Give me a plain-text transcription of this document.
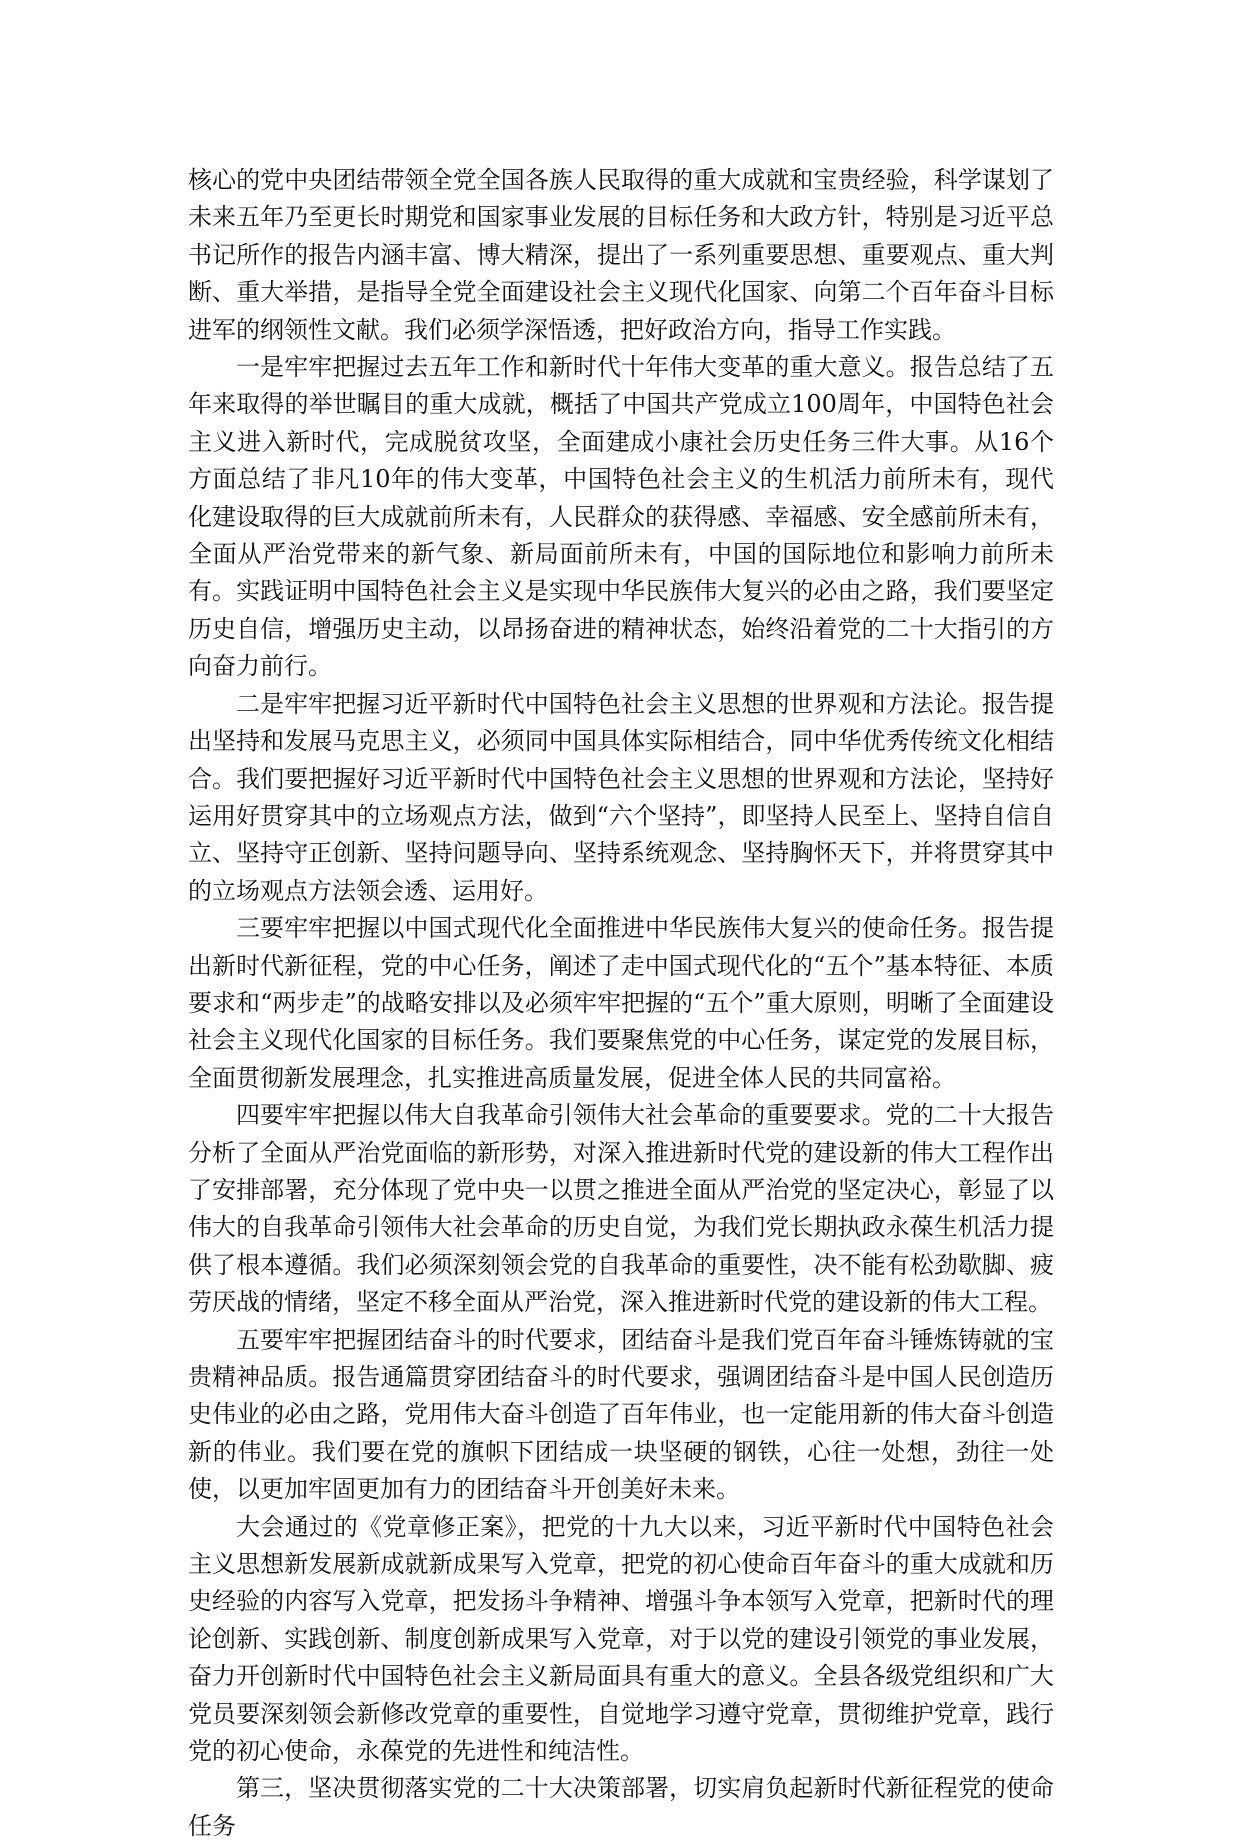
核心的党中央团结带领全党全国各族人民取得的重大成就和宝贵经验，科学谋划了未来五年乃至更长时期党和国家事业发展的目标任务和大政方针，特别是习近平总书记所作的报告内涵丰富、博大精深，提出了一系列重要思想、重要观点、重大判断、重大举措，是指导全党全面建设社会主义现代化国家、向第二个百年奋斗目标进军的纲领性文献。我们必须学深悟透，把好政治方向，指导工作实践。

一是牢牢把握过去五年工作和新时代十年伟大变革的重大意义。报告总结了五年来取得的举世瞩目的重大成就，概括了中国共产党成立100周年，中国特色社会主义进入新时代，完成脱贫攻坚，全面建成小康社会历史任务三件大事。从16个方面总结了非凡10年的伟大变革，中国特色社会主义的生机活力前所未有，现代化建设取得的巨大成就前所未有，人民群众的获得感、幸福感、安全感前所未有，全面从严治党带来的新气象、新局面前所未有，中国的国际地位和影响力前所未有。实践证明中国特色社会主义是实现中华民族伟大复兴的必由之路，我们要坚定历史自信，增强历史主动，以昂扬奋进的精神状态，始终沿着党的二十大指引的方向奋力前行。

二是牢牢把握习近平新时代中国特色社会主义思想的世界观和方法论。报告提出坚持和发展马克思主义，必须同中国具体实际相结合，同中华优秀传统文化相结合。我们要把握好习近平新时代中国特色社会主义思想的世界观和方法论，坚持好运用好贯穿其中的立场观点方法，做到“六个坚持”，即坚持人民至上、坚持自信自立、坚持守正创新、坚持问题导向、坚持系统观念、坚持胸怀天下，并将贯穿其中的立场观点方法领会透、运用好。

三要牢牢把握以中国式现代化全面推进中华民族伟大复兴的使命任务。报告提出新时代新征程，党的中心任务，阐述了走中国式现代化的“五个”基本特征、本质要求和“两步走”的战略安排以及必须牢牢把握的“五个”重大原则，明晰了全面建设社会主义现代化国家的目标任务。我们要聚焦党的中心任务，谋定党的发展目标，全面贯彻新发展理念，扎实推进高质量发展，促进全体人民的共同富裕。

四要牢牢把握以伟大自我革命引领伟大社会革命的重要要求。党的二十大报告分析了全面从严治党面临的新形势，对深入推进新时代党的建设新的伟大工程作出了安排部署，充分体现了党中央一以贯之推进全面从严治党的坚定决心，彰显了以伟大的自我革命引领伟大社会革命的历史自觉，为我们党长期执政永葆生机活力提供了根本遵循。我们必须深刻领会党的自我革命的重要性，决不能有松劲歇脚、疲劳厌战的情绪，坚定不移全面从严治党，深入推进新时代党的建设新的伟大工程。

五要牢牢把握团结奋斗的时代要求，团结奋斗是我们党百年奋斗锤炼铸就的宝贵精神品质。报告通篇贯穿团结奋斗的时代要求，强调团结奋斗是中国人民创造历史伟业的必由之路，党用伟大奋斗创造了百年伟业，也一定能用新的伟大奋斗创造新的伟业。我们要在党的旗帜下团结成一块坚硬的钢铁，心往一处想，劲往一处使，以更加牢固更加有力的团结奋斗开创美好未来。

大会通过的《党章修正案》，把党的十九大以来，习近平新时代中国特色社会主义思想新发展新成就新成果写入党章，把党的初心使命百年奋斗的重大成就和历史经验的内容写入党章，把发扬斗争精神、增强斗争本领写入党章，把新时代的理论创新、实践创新、制度创新成果写入党章，对于以党的建设引领党的事业发展，奋力开创新时代中国特色社会主义新局面具有重大的意义。全县各级党组织和广大党员要深刻领会新修改党章的重要性，自觉地学习遵守党章，贯彻维护党章，践行党的初心使命，永葆党的先进性和纯洁性。

第三，坚决贯彻落实党的二十大决策部署，切实肩负起新时代新征程党的使命任务
